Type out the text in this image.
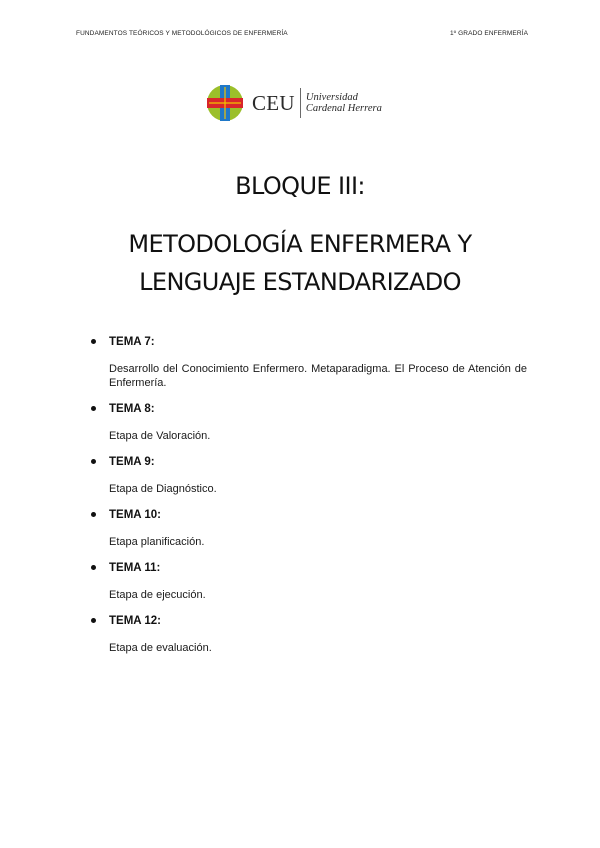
FUNDAMENTOS TEÓRICOS Y METODOLÓGICOS DE ENFERMERÍA	1º GRADO ENFERMERÍA
CEU Universidad
Cardenal Herrera
BLOQUE III:
METODOLOGÍA ENFERMERA Y
LENGUAJE ESTANDARIZADO
TEMA 7:
Desarrollo del Conocimiento Enfermero. Metaparadigma. El Proceso de Atención de Enfermería.
TEMA 8:
Etapa de Valoración.
TEMA 9:
Etapa de Diagnóstico.
TEMA 10:
Etapa planificación.
TEMA 11:
Etapa de ejecución.
TEMA 12:
Etapa de evaluación.
